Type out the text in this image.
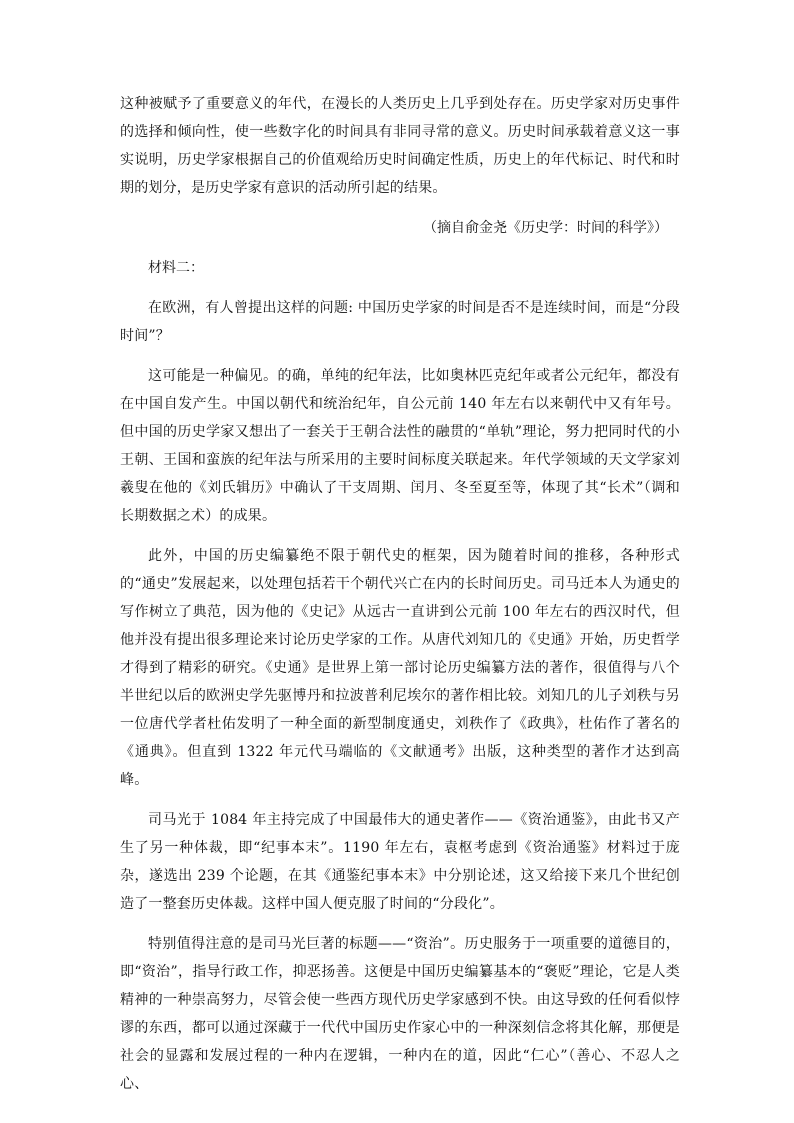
这种被赋予了重要意义的年代，在漫长的人类历史上几乎到处存在。历史学家对历史事件的选择和倾向性，使一些数字化的时间具有非同寻常的意义。历史时间承载着意义这一事实说明，历史学家根据自己的价值观给历史时间确定性质，历史上的年代标记、时代和时期的划分，是历史学家有意识的活动所引起的结果。

（摘自俞金尧《历史学：时间的科学》）

材料二：

在欧洲，有人曾提出这样的问题: 中国历史学家的时间是否不是连续时间，而是“分段时间”？

这可能是一种偏见。的确，单纯的纪年法，比如奥林匹克纪年或者公元纪年，都没有在中国自发产生。中国以朝代和统治纪年，自公元前 140 年左右以来朝代中又有年号。但中国的历史学家又想出了一套关于王朝合法性的融贯的“单轨”理论，努力把同时代的小王朝、王国和蛮族的纪年法与所采用的主要时间标度关联起来。年代学领域的天文学家刘羲叟在他的《刘氏辑历》中确认了干支周期、闰月、冬至夏至等，体现了其“长术”（调和长期数据之术）的成果。

此外，中国的历史编纂绝不限于朝代史的框架，因为随着时间的推移，各种形式的“通史”发展起来，以处理包括若干个朝代兴亡在内的长时间历史。司马迁本人为通史的写作树立了典范，因为他的《史记》从远古一直讲到公元前 100 年左右的西汉时代，但他并没有提出很多理论来讨论历史学家的工作。从唐代刘知几的《史通》开始，历史哲学才得到了精彩的研究。《史通》是世界上第一部讨论历史编纂方法的著作，很值得与八个半世纪以后的欧洲史学先驱博丹和拉波普利尼埃尔的著作相比较。刘知几的儿子刘秩与另一位唐代学者杜佑发明了一种全面的新型制度通史，刘秩作了《政典》，杜佑作了著名的《通典》。但直到 1322 年元代马端临的《文献通考》出版，这种类型的著作才达到高峰。

司马光于 1084 年主持完成了中国最伟大的通史著作——《资治通鉴》，由此书又产生了另一种体裁，即“纪事本末”。1190 年左右，袁枢考虑到《资治通鉴》材料过于庞杂，遂选出 239 个论题，在其《通鉴纪事本末》中分别论述，这又给接下来几个世纪创造了一整套历史体裁。这样中国人便克服了时间的“分段化”。

特别值得注意的是司马光巨著的标题——“资治”。历史服务于一项重要的道德目的，即“资治”，指导行政工作，抑恶扬善。这便是中国历史编纂基本的“褒贬”理论，它是人类精神的一种崇高努力，尽管会使一些西方现代历史学家感到不快。由这导致的任何看似悖谬的东西，都可以通过深藏于一代代中国历史作家心中的一种深刻信念将其化解，那便是社会的显露和发展过程的一种内在逻辑，一种内在的道，因此“仁心”（善心、不忍人之心、
